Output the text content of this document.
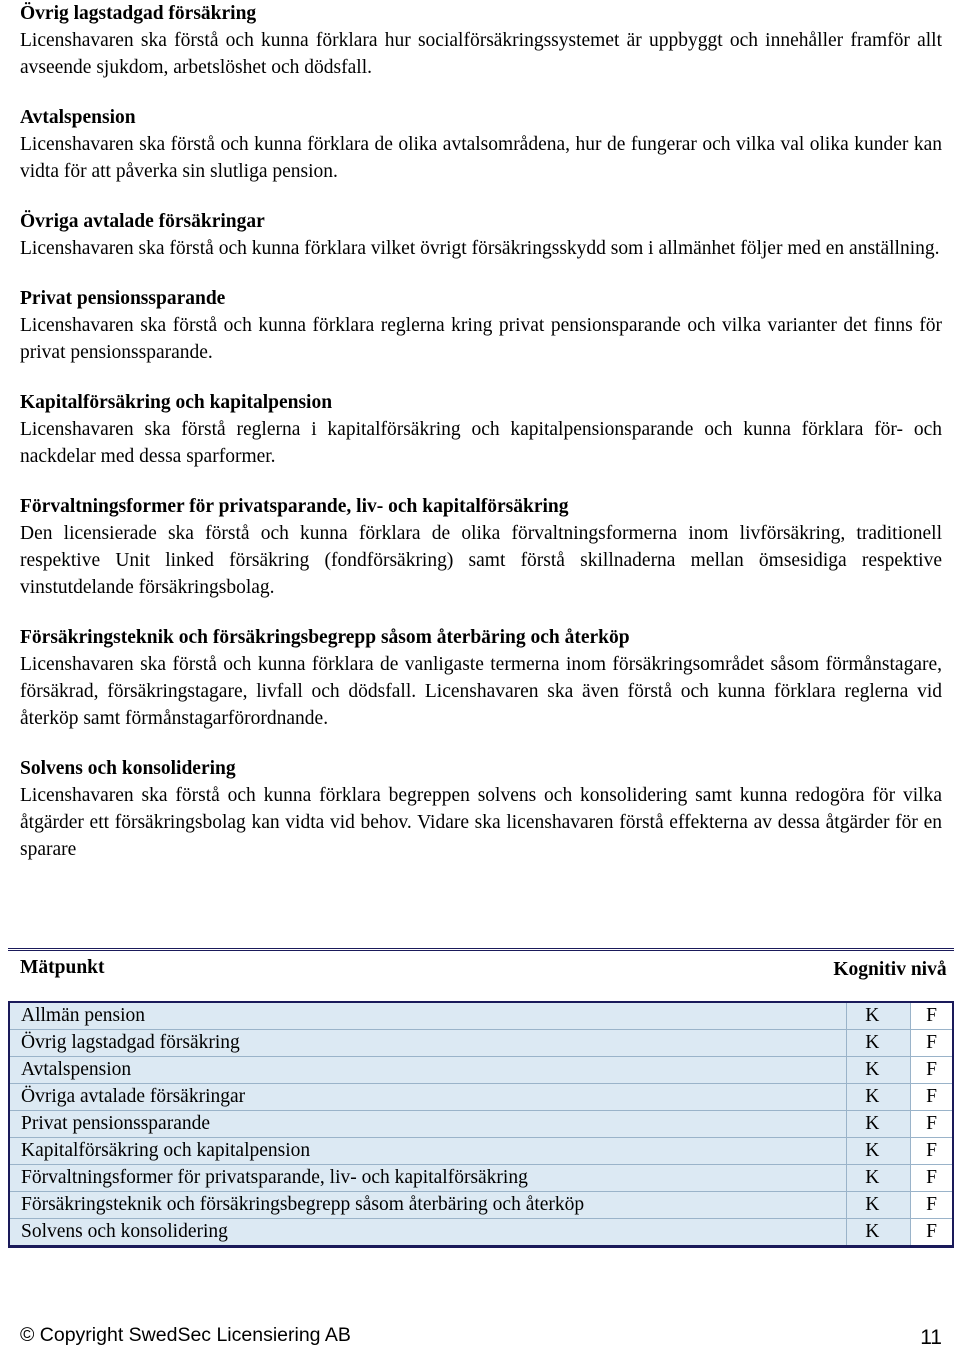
Övrig lagstadgad försäkring

Licenshavaren ska förstå och kunna förklara hur socialförsäkringssystemet är uppbyggt och innehåller framför allt avseende sjukdom, arbetslöshet och dödsfall.

Avtalspension

Licenshavaren ska förstå och kunna förklara de olika avtalsområdena, hur de fungerar och vilka val olika kunder kan vidta för att påverka sin slutliga pension.

Övriga avtalade försäkringar

Licenshavaren ska förstå och kunna förklara vilket övrigt försäkringsskydd som i allmänhet följer med en anställning.

Privat pensionssparande

Licenshavaren ska förstå och kunna förklara reglerna kring privat pensionsparande och vilka varianter det finns för privat pensionssparande.

Kapitalförsäkring och kapitalpension

Licenshavaren ska förstå reglerna i kapitalförsäkring och kapitalpensionsparande och kunna förklara för- och nackdelar med dessa sparformer.

Förvaltningsformer för privatsparande, liv- och kapitalförsäkring

Den licensierade ska förstå och kunna förklara de olika förvaltningsformerna inom livförsäkring, traditionell respektive Unit linked försäkring (fondförsäkring) samt förstå skillnaderna mellan ömsesidiga respektive vinstutdelande försäkringsbolag.

Försäkringsteknik och försäkringsbegrepp såsom återbäring och återköp

Licenshavaren ska förstå och kunna förklara de vanligaste termerna inom försäkringsområdet såsom förmånstagare, försäkrad, försäkringstagare, livfall och dödsfall. Licenshavaren ska även förstå och kunna förklara reglerna vid återköp samt förmånstagarförordnande.

Solvens och konsolidering

Licenshavaren ska förstå och kunna förklara begreppen solvens och konsolidering samt kunna redogöra för vilka åtgärder ett försäkringsbolag kan vidta vid behov. Vidare ska licenshavaren förstå effekterna av dessa åtgärder för en sparare

Mätpunkt	Kognitiv nivå
Allmän pension	K	F
Övrig lagstadgad försäkring	K	F
Avtalspension	K	F
Övriga avtalade försäkringar	K	F
Privat pensionssparande	K	F
Kapitalförsäkring och kapitalpension	K	F
Förvaltningsformer för privatsparande, liv- och kapitalförsäkring	K	F
Försäkringsteknik och försäkringsbegrepp såsom återbäring och återköp	K	F
Solvens och konsolidering	K	F
© Copyright SwedSec Licensiering AB	11
